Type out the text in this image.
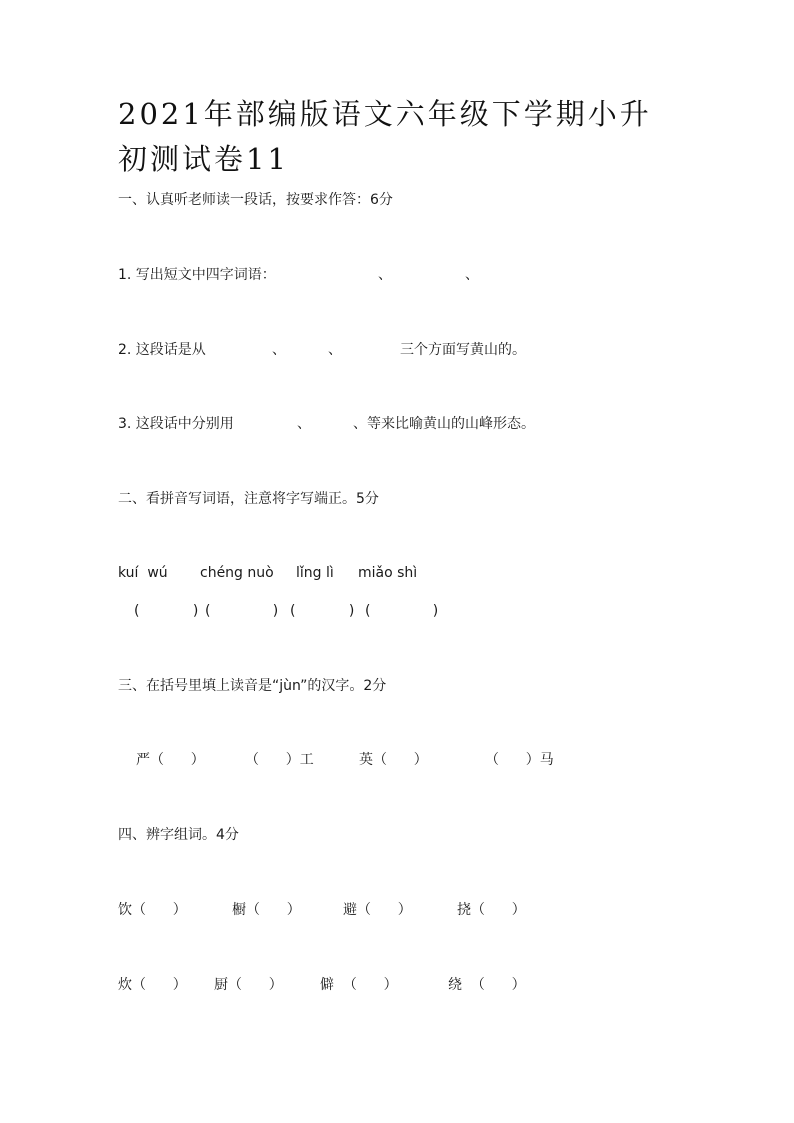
2021年部编版语文六年级下学期小升初测试卷11
一、认真听老师读一段话，按要求作答：6分
1. 写出短文中四字词语：	、	、
2. 这段话是从	、	、	三个方面写黄山的。
3. 这段话中分别用	、	、等来比喻黄山的山峰形态。
二、看拼音写词语，注意将字写端正。5分
kuí  wú chéng nuò lǐng lì miǎo shì
(            ) (              ) (            ) (              )
三、在括号里填上读音是“jùn”的汉字。2分
严（      ）	（      ）工	英（      ）	（      ）马
四、辨字组词。4分
饮（      ）	橱（      ）	避（      ）	挠（      ）
炊（      ） 厨（      ）	僻  （      ）	绕  （      ）
